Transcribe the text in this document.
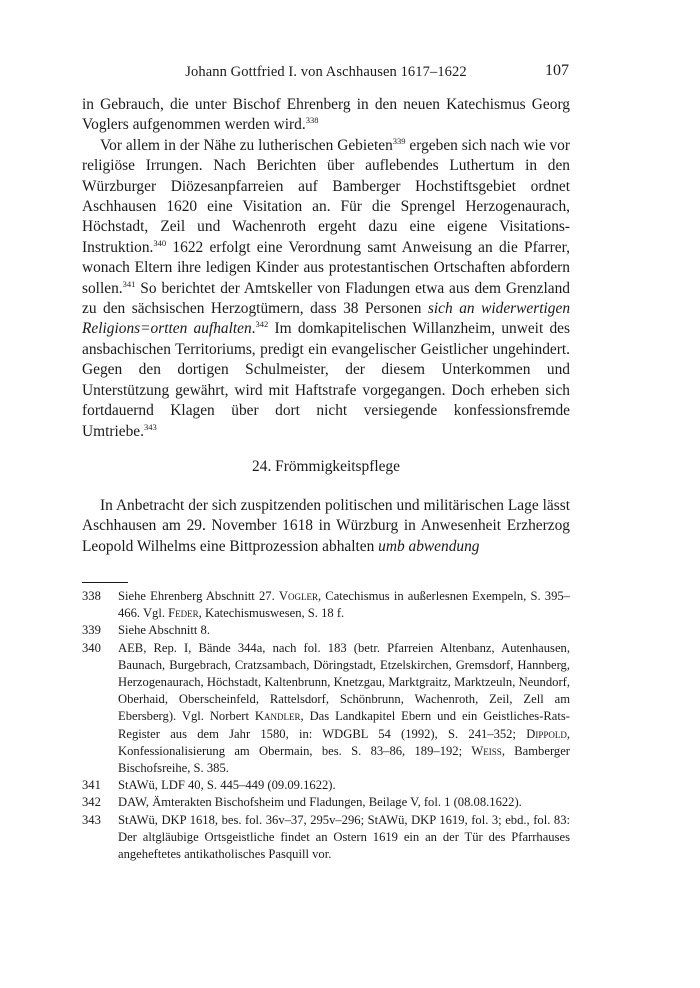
Johann Gottfried I. von Aschhausen 1617–1622	107

in Gebrauch, die unter Bischof Ehrenberg in den neuen Katechismus Georg Voglers aufgenommen werden wird.$^{338}$

Vor allem in der Nähe zu lutherischen Gebieten$^{339}$ ergeben sich nach wie vor religiöse Irrungen. Nach Berichten über auflebendes Luthertum in den Würzburger Diözesanpfarreien auf Bamberger Hochstiftsgebiet ordnet Aschhausen 1620 eine Visitation an. Für die Sprengel Herzogenaurach, Höchstadt, Zeil und Wachenroth ergeht dazu eine eigene Visitations-Instruktion.$^{340}$ 1622 erfolgt eine Verordnung samt Anweisung an die Pfarrer, wonach Eltern ihre ledigen Kinder aus protestantischen Ortschaften abfordern sollen.$^{341}$ So berichtet der Amtskeller von Fladungen etwa aus dem Grenzland zu den sächsischen Herzogtümern, dass 38 Personen sich an widerwertigen Religions=ortten aufhalten.$^{342}$ Im domkapitelischen Willanzheim, unweit des ansbachischen Territoriums, predigt ein evangelischer Geistlicher ungehindert. Gegen den dortigen Schulmeister, der diesem Unterkommen und Unterstützung gewährt, wird mit Haftstrafe vorgegangen. Doch erheben sich fortdauernd Klagen über dort nicht versiegende konfessionsfremde Umtriebe.$^{343}$

24. Frömmigkeitspflege

In Anbetracht der sich zuspitzenden politischen und militärischen Lage lässt Aschhausen am 29. November 1618 in Würzburg in Anwesenheit Erzherzog Leopold Wilhelms eine Bittprozession abhalten umb abwendung

338	Siehe Ehrenberg Abschnitt 27. Vogler, Catechismus in außerlesnen Exempeln, S. 395–466. Vgl. Feder, Katechismuswesen, S. 18 f.
339	Siehe Abschnitt 8.
340	AEB, Rep. I, Bände 344a, nach fol. 183 (betr. Pfarreien Altenbanz, Autenhausen, Baunach, Burgebrach, Cratzsambach, Döringstadt, Etzelskirchen, Gremsdorf, Hannberg, Herzogenaurach, Höchstadt, Kaltenbrunn, Knetzgau, Marktgraitz, Marktzeuln, Neundorf, Oberhaid, Oberscheinfeld, Rattelsdorf, Schönbrunn, Wachenroth, Zeil, Zell am Ebersberg). Vgl. Norbert Kandler, Das Landkapitel Ebern und ein Geistliches-Rats-Register aus dem Jahr 1580, in: WDGBL 54 (1992), S. 241–352; Dippold, Konfessionalisierung am Obermain, bes. S. 83–86, 189–192; Weiss, Bamberger Bischofsreihe, S. 385.
341	StAWü, LDF 40, S. 445–449 (09.09.1622).
342	DAW, Ämterakten Bischofsheim und Fladungen, Beilage V, fol. 1 (08.08.1622).
343	StAWü, DKP 1618, bes. fol. 36v–37, 295v–296; StAWü, DKP 1619, fol. 3; ebd., fol. 83: Der altgläubige Ortsgeistliche findet an Ostern 1619 ein an der Tür des Pfarrhauses angeheftetes antikatholisches Pasquill vor.
